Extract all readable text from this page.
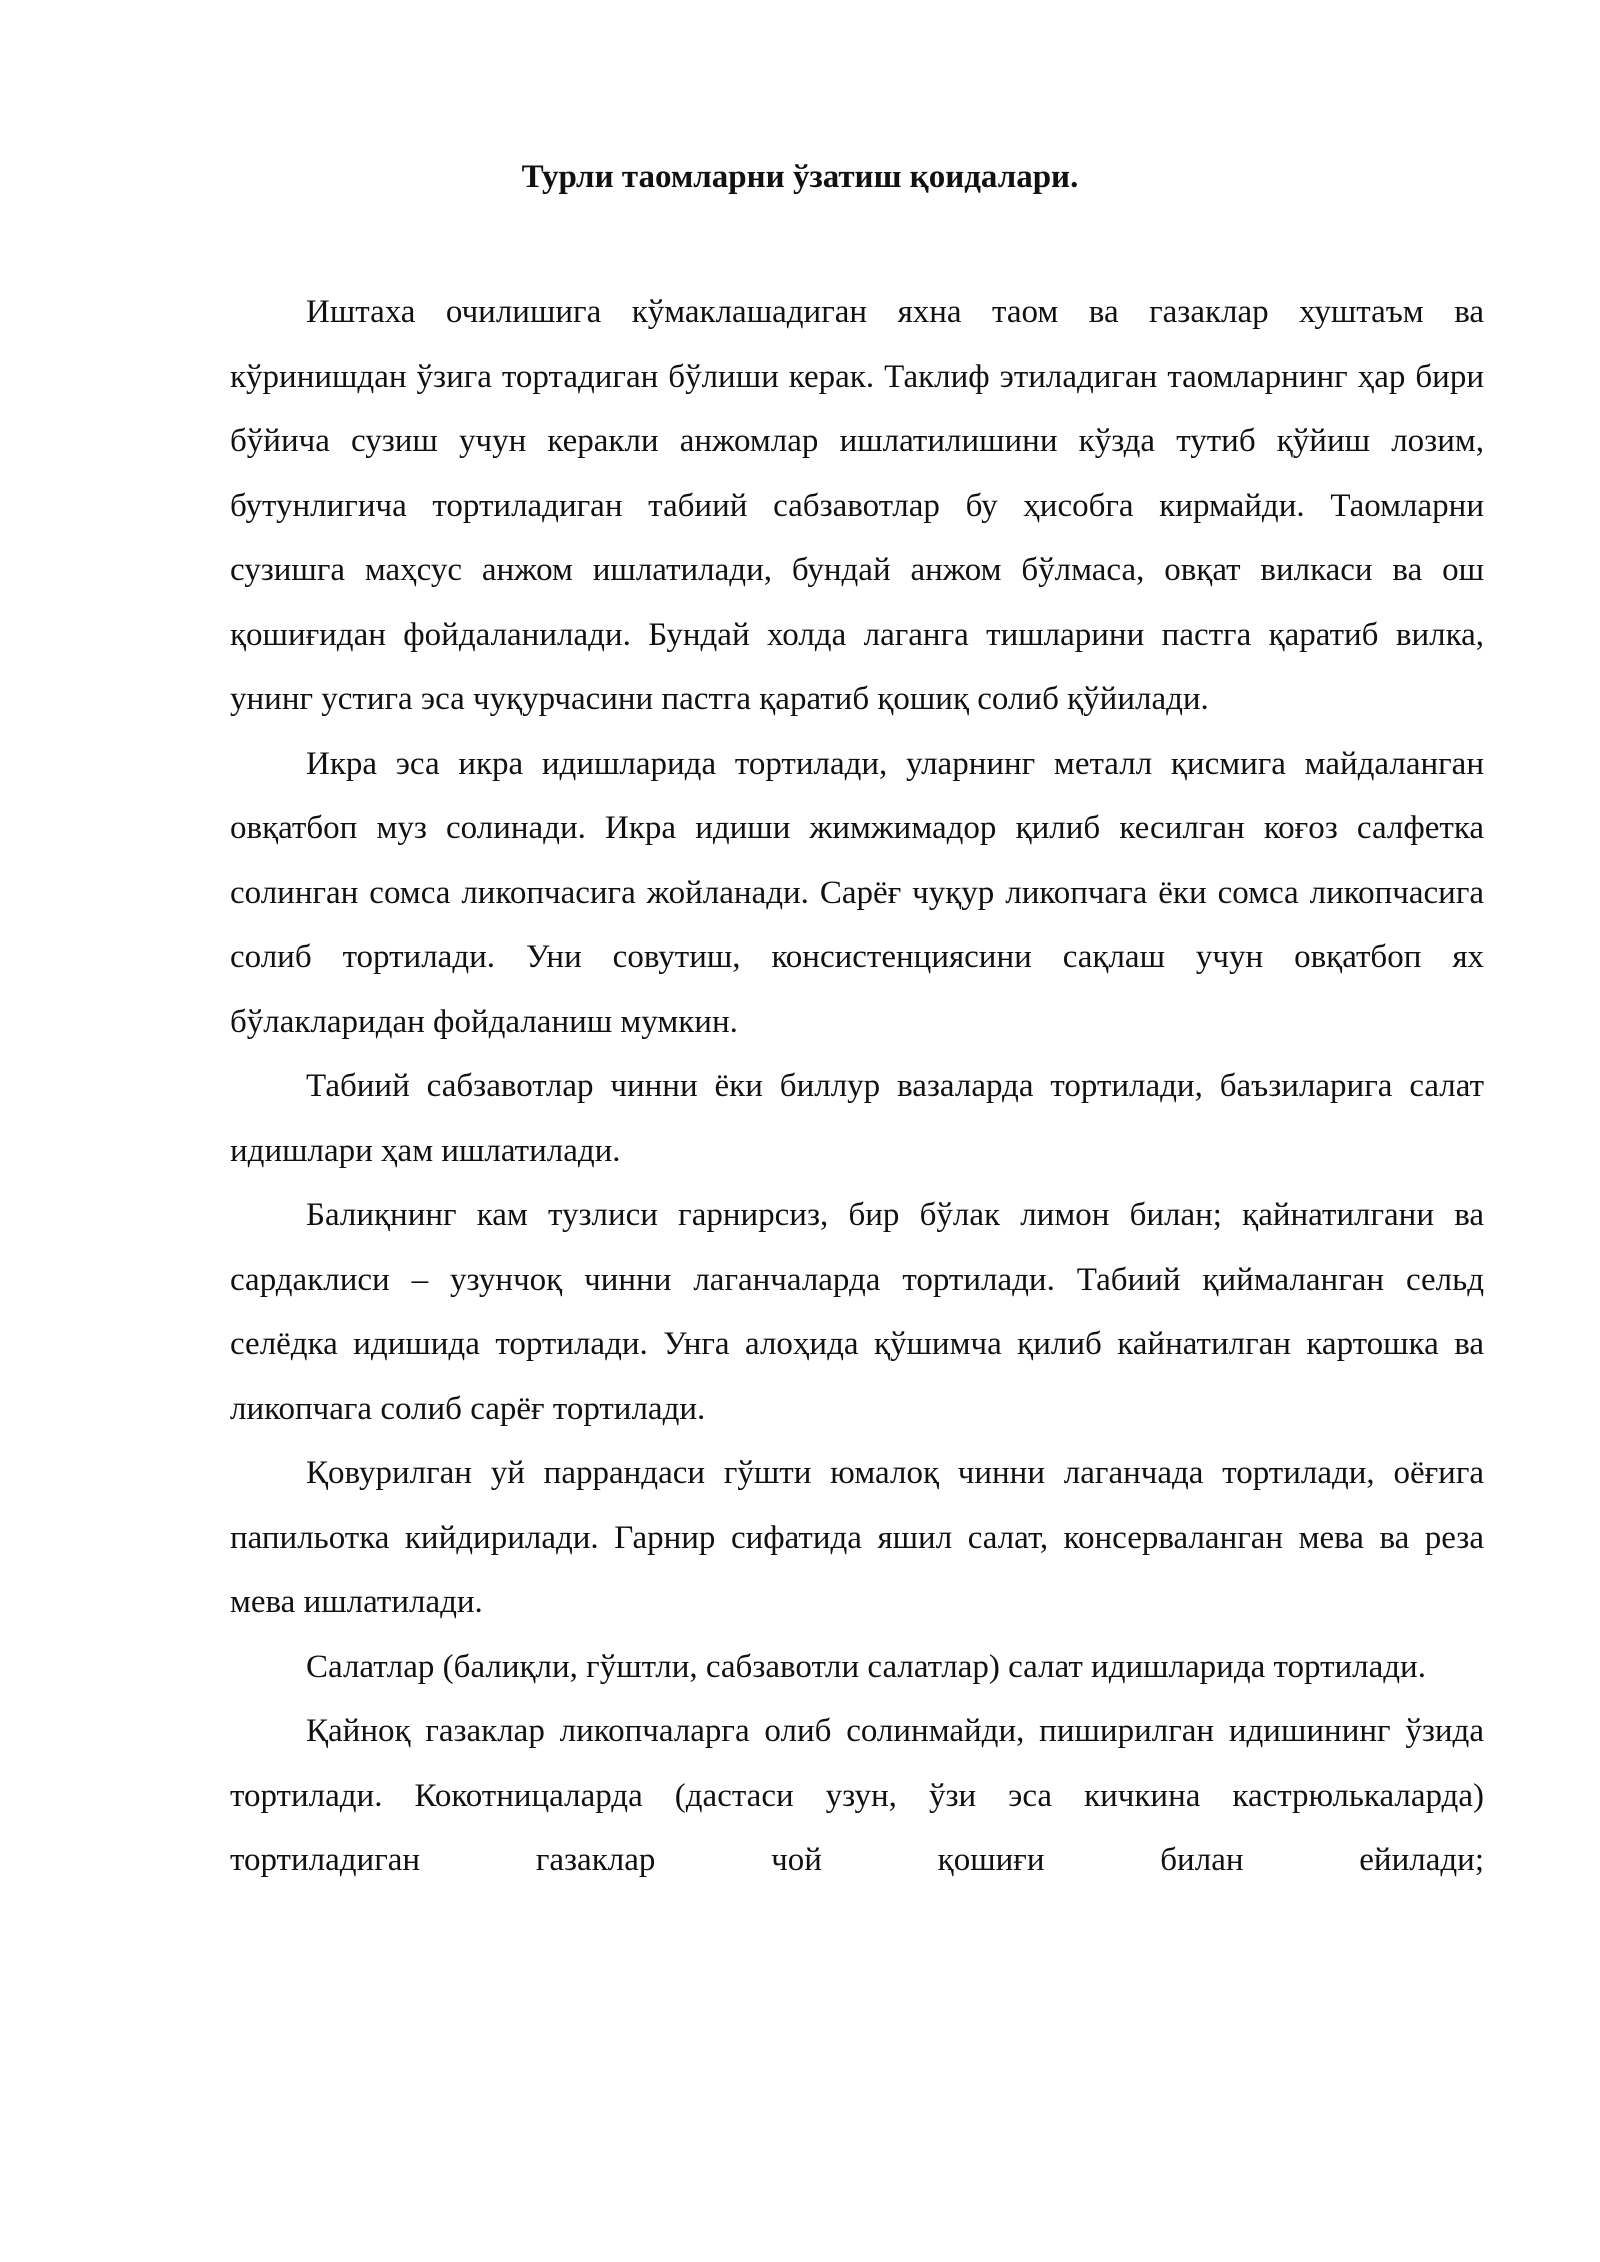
Турли таомларни ўзатиш қоидалари.

Иштаха очилишига кўмаклашадиган яхна таом ва газаклар хуштаъм ва кўринишдан ўзига тортадиган бўлиши керак. Таклиф этиладиган таомларнинг ҳар бири бўйича сузиш учун керакли анжомлар ишлатилишини кўзда тутиб қўйиш лозим, бутунлигича тортиладиган табиий сабзавотлар бу ҳисобга кирмайди. Таомларни сузишга маҳсус анжом ишлатилади, бундай анжом бўлмаса, овқат вилкаси ва ош қошиғидан фойдаланилади. Бундай холда лаганга тишларини пастга қаратиб вилка, унинг устига эса чуқурчасини пастга қаратиб қошиқ солиб қўйилади.

Икра эса икра идишларида тортилади, уларнинг металл қисмига майдаланган овқатбоп муз солинади. Икра идиши жимжимадор қилиб кесилган коғоз салфетка солинган сомса ликопчасига жойланади. Сарёғ чуқур ликопчага ёки сомса ликопчасига солиб тортилади. Уни совутиш, консистенциясини сақлаш учун овқатбоп ях бўлакларидан фойдаланиш мумкин.

Табиий сабзавотлар чинни ёки биллур вазаларда тортилади, баъзиларига салат идишлари ҳам ишлатилади.

Балиқнинг кам тузлиси гарнирсиз, бир бўлак лимон билан; қайнатилгани ва сардаклиси – узунчоқ чинни лаганчаларда тортилади. Табиий қиймаланган сельд селёдка идишида тортилади. Унга алоҳида қўшимча қилиб кайнатилган картошка ва ликопчага солиб сарёғ тортилади.

Қовурилган уй паррандаси гўшти юмалоқ чинни лаганчада тортилади, оёғига папильотка кийдирилади. Гарнир сифатида яшил салат, консерваланган мева ва реза мева ишлатилади.

Салатлар (балиқли, гўштли, сабзавотли салатлар) салат идишларида тортилади.

Қайноқ газаклар ликопчаларга олиб солинмайди, пиширилган идишининг ўзида тортилади. Кокотницаларда (дастаси узун, ўзи эса кичкина кастрюлькаларда) тортиладиган газаклар чой қошиғи билан ейилади;
